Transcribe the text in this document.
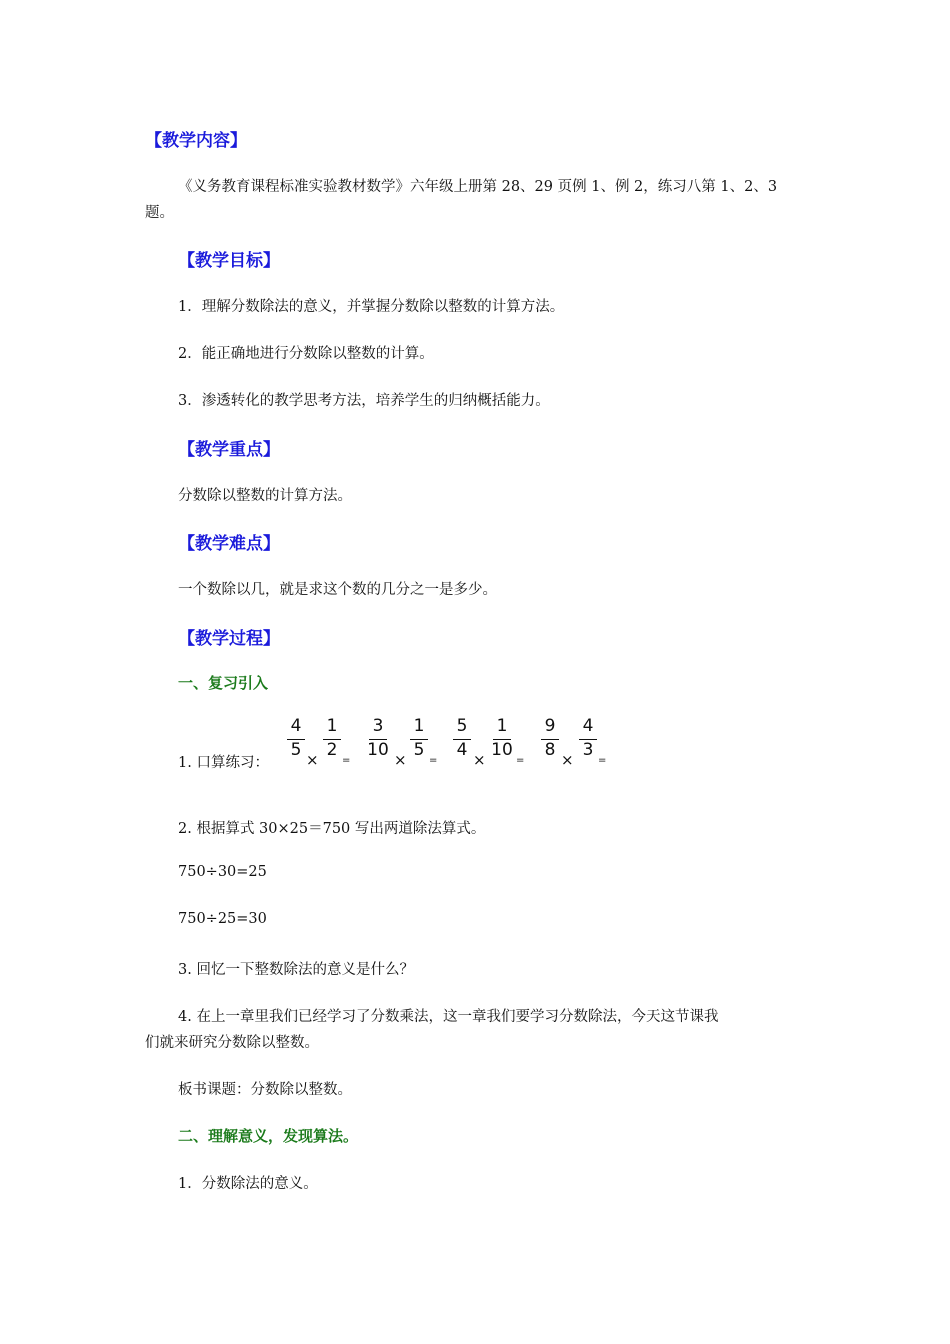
【教学内容】
《义务教育课程标准实验教材数学》六年级上册第 28、29 页例 1、例 2，练习八第 1、2、3
题。
【教学目标】
1．理解分数除法的意义，并掌握分数除以整数的计算方法。
2．能正确地进行分数除以整数的计算。
3．渗透转化的教学思考方法，培养学生的归纳概括能力。
【教学重点】
分数除以整数的计算方法。
【教学难点】
一个数除以几，就是求这个数的几分之一是多少。
【教学过程】
一、复习引入
1. 口算练习：
4
5 ×
1
2
=
3
10 ×
1
5
=
5
4 ×
1
10
=
9
8 ×
4
3
=
2. 根据算式 30×25＝750 写出两道除法算式。
750÷30=25
750÷25=30
3. 回忆一下整数除法的意义是什么？
4. 在上一章里我们已经学习了分数乘法，这一章我们要学习分数除法，今天这节课我
们就来研究分数除以整数。
板书课题：分数除以整数。
二、理解意义，发现算法。
1．分数除法的意义。
